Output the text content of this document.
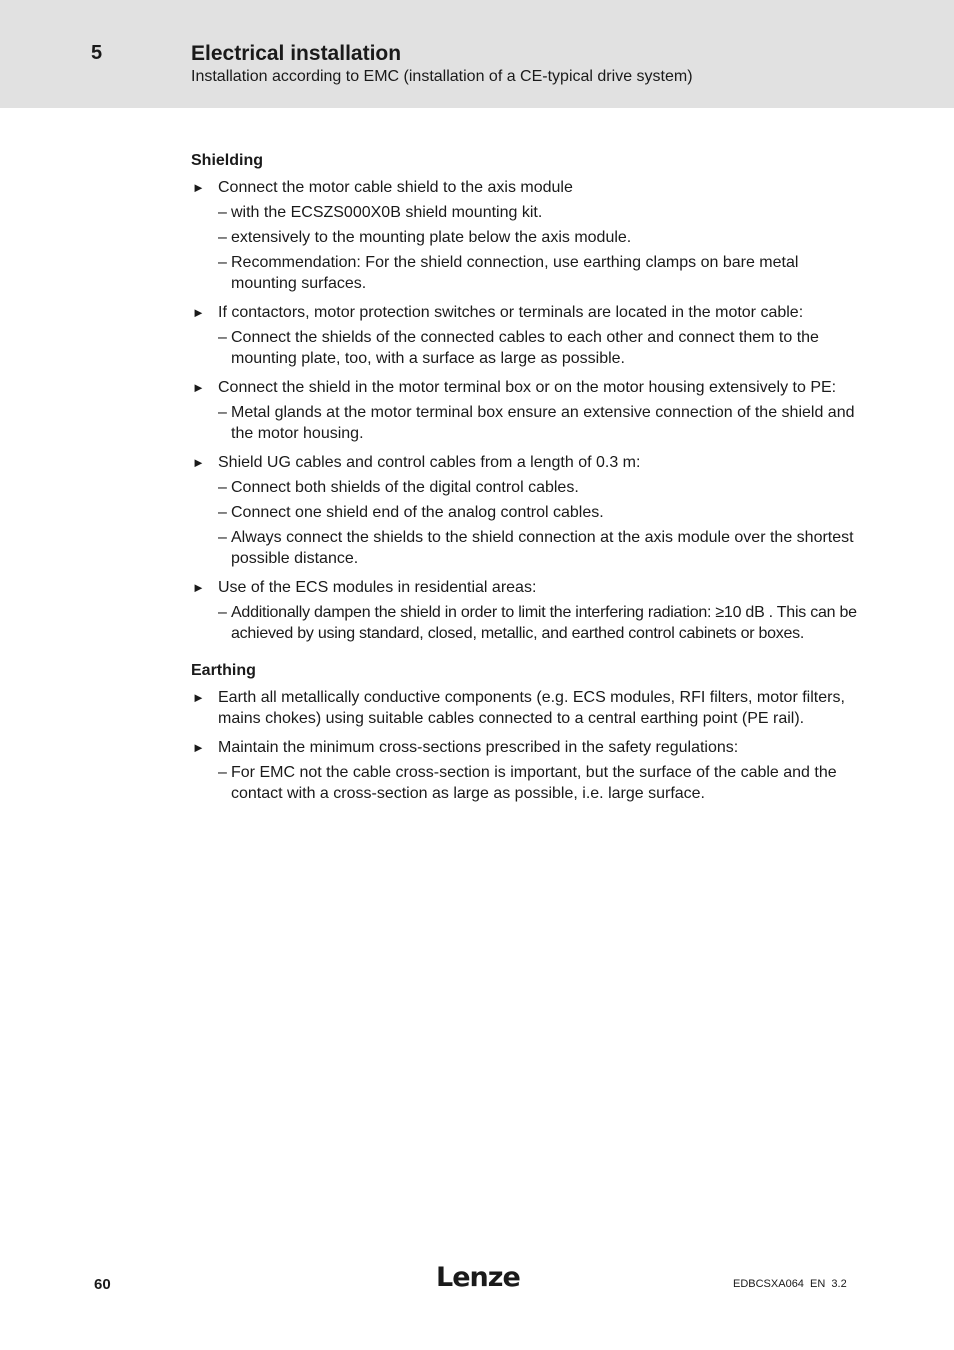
5	Electrical installation
Installation according to EMC (installation of a CE-typical drive system)
Shielding
► Connect the motor cable shield to the axis module
– with the ECSZS000X0B shield mounting kit.
– extensively to the mounting plate below the axis module.
– Recommendation: For the shield connection, use earthing clamps on bare metal mounting surfaces.
► If contactors, motor protection switches or terminals are located in the motor cable:
– Connect the shields of the connected cables to each other and connect them to the mounting plate, too, with a surface as large as possible.
► Connect the shield in the motor terminal box or on the motor housing extensively to PE:
– Metal glands at the motor terminal box ensure an extensive connection of the shield and the motor housing.
► Shield UG cables and control cables from a length of 0.3 m:
– Connect both shields of the digital control cables.
– Connect one shield end of the analog control cables.
– Always connect the shields to the shield connection at the axis module over the shortest possible distance.
► Use of the ECS modules in residential areas:
– Additionally dampen the shield in order to limit the interfering radiation: ≥10 dB . This can be achieved by using standard, closed, metallic, and earthed control cabinets or boxes.
Earthing
► Earth all metallically conductive components (e.g. ECS modules, RFI filters, motor filters, mains chokes) using suitable cables connected to a central earthing point (PE rail).
► Maintain the minimum cross-sections prescribed in the safety regulations:
– For EMC not the cable cross-section is important, but the surface of the cable and the contact with a cross-section as large as possible, i.e. large surface.
60	Lenze	EDBCSXA064  EN  3.2
